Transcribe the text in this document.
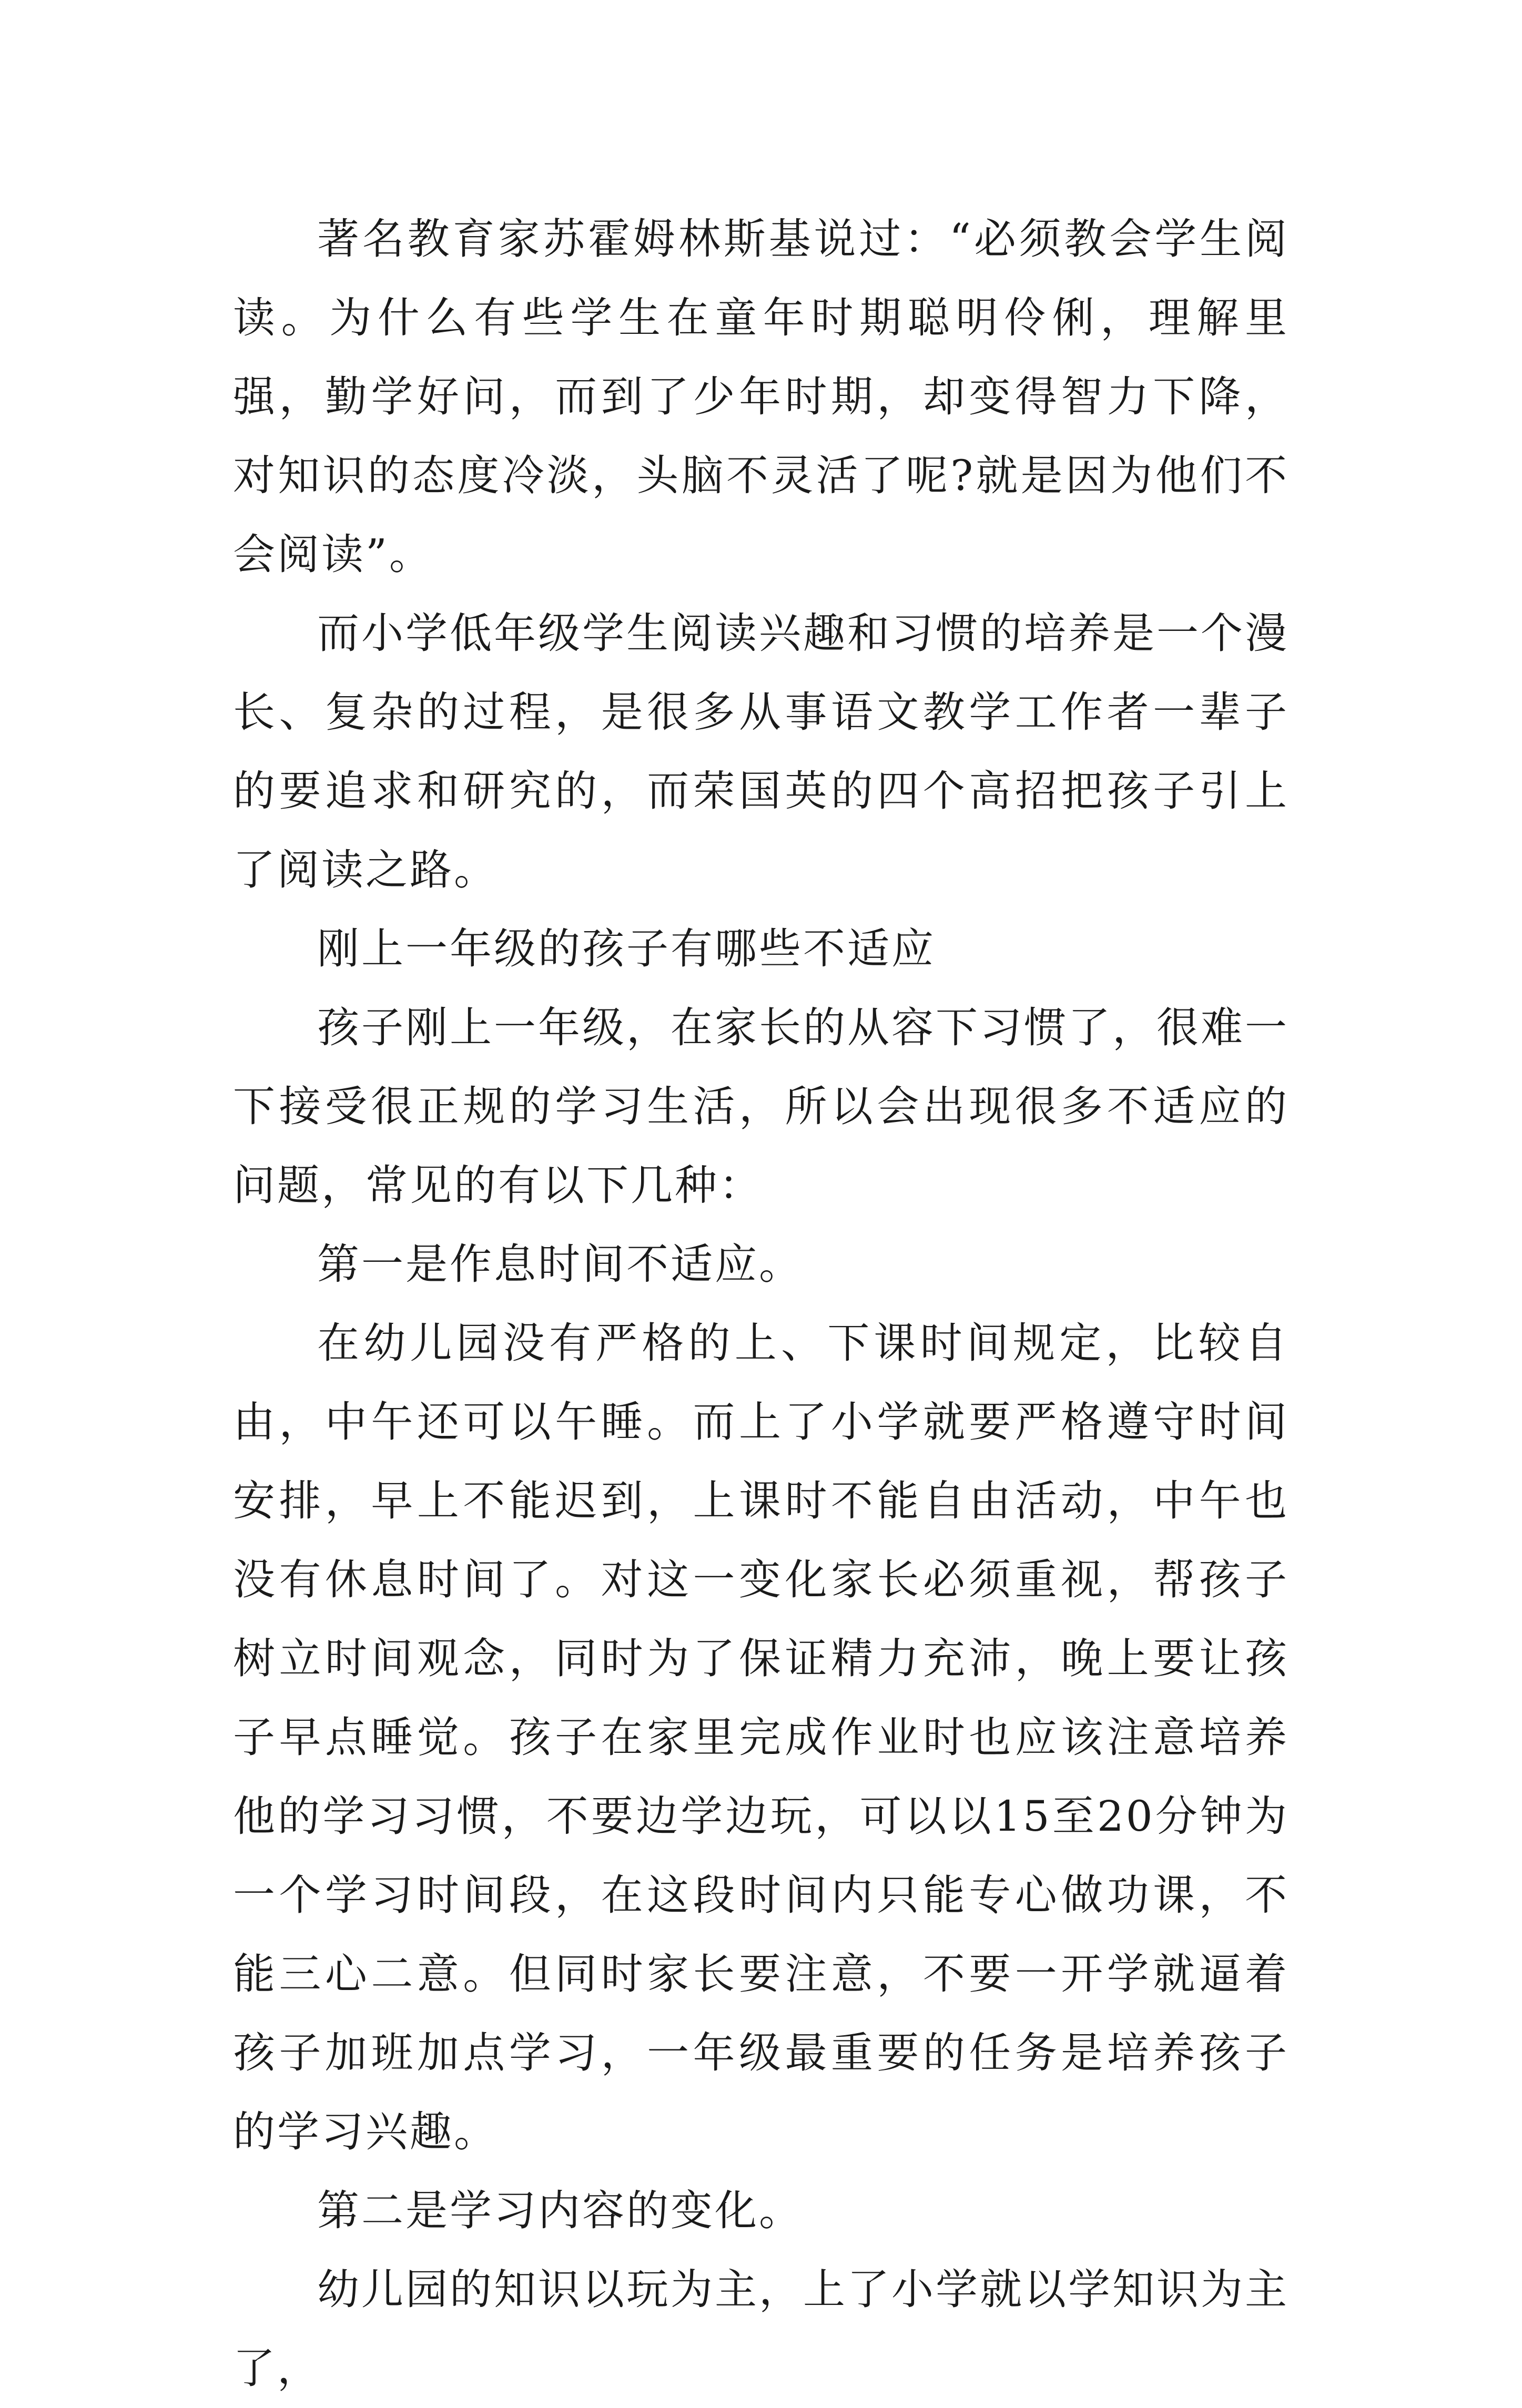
著名教育家苏霍姆林斯基说过：“必须教会学生阅读。为什么有些学生在童年时期聪明伶俐，理解里强，勤学好问，而到了少年时期，却变得智力下降，对知识的态度冷淡，头脑不灵活了呢?就是因为他们不会阅读”。

而小学低年级学生阅读兴趣和习惯的培养是一个漫长、复杂的过程，是很多从事语文教学工作者一辈子的要追求和研究的，而荣国英的四个高招把孩子引上了阅读之路。

刚上一年级的孩子有哪些不适应

孩子刚上一年级，在家长的从容下习惯了，很难一下接受很正规的学习生活，所以会出现很多不适应的问题，常见的有以下几种：

第一是作息时间不适应。

在幼儿园没有严格的上、下课时间规定，比较自由，中午还可以午睡。而上了小学就要严格遵守时间安排，早上不能迟到，上课时不能自由活动，中午也没有休息时间了。对这一变化家长必须重视，帮孩子树立时间观念，同时为了保证精力充沛，晚上要让孩子早点睡觉。孩子在家里完成作业时也应该注意培养他的学习习惯，不要边学边玩，可以以15至20分钟为一个学习时间段，在这段时间内只能专心做功课，不能三心二意。但同时家长要注意，不要一开学就逼着孩子加班加点学习，一年级最重要的任务是培养孩子的学习兴趣。

第二是学习内容的变化。

幼儿园的知识以玩为主，上了小学就以学知识为主了，
